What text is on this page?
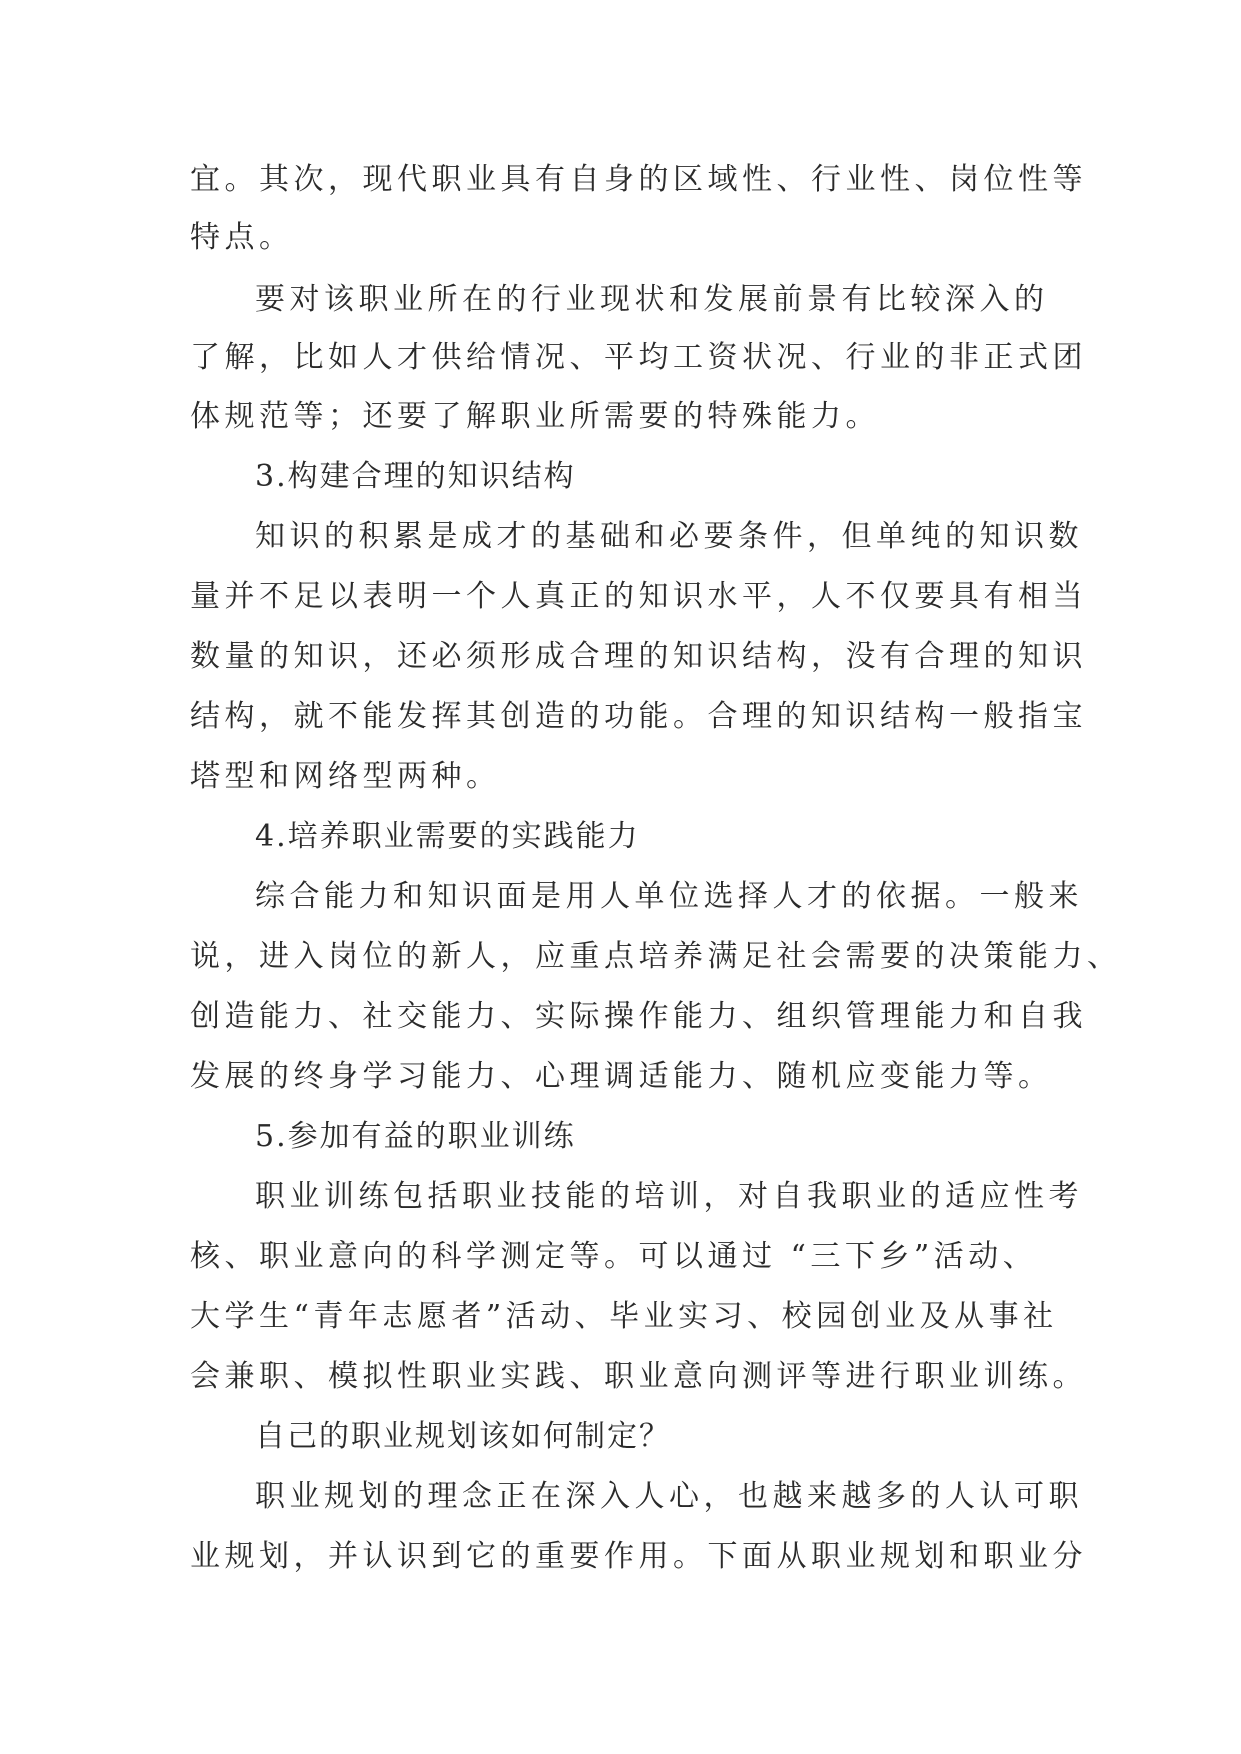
宜。其次，现代职业具有自身的区域性、行业性、岗位性等

特点。

要对该职业所在的行业现状和发展前景有比较深入的

了解，比如人才供给情况、平均工资状况、行业的非正式团

体规范等；还要了解职业所需要的特殊能力。

3.构建合理的知识结构

知识的积累是成才的基础和必要条件，但单纯的知识数

量并不足以表明一个人真正的知识水平，人不仅要具有相当

数量的知识，还必须形成合理的知识结构，没有合理的知识

结构，就不能发挥其创造的功能。合理的知识结构一般指宝

塔型和网络型两种。

4.培养职业需要的实践能力

综合能力和知识面是用人单位选择人才的依据。一般来

说，进入岗位的新人，应重点培养满足社会需要的决策能力、

创造能力、社交能力、实际操作能力、组织管理能力和自我

发展的终身学习能力、心理调适能力、随机应变能力等。

5.参加有益的职业训练

职业训练包括职业技能的培训，对自我职业的适应性考

核、职业意向的科学测定等。可以通过 “三下乡”活动、

大学生“青年志愿者”活动、毕业实习、校园创业及从事社

会兼职、模拟性职业实践、职业意向测评等进行职业训练。

自己的职业规划该如何制定？

职业规划的理念正在深入人心，也越来越多的人认可职

业规划，并认识到它的重要作用。下面从职业规划和职业分
